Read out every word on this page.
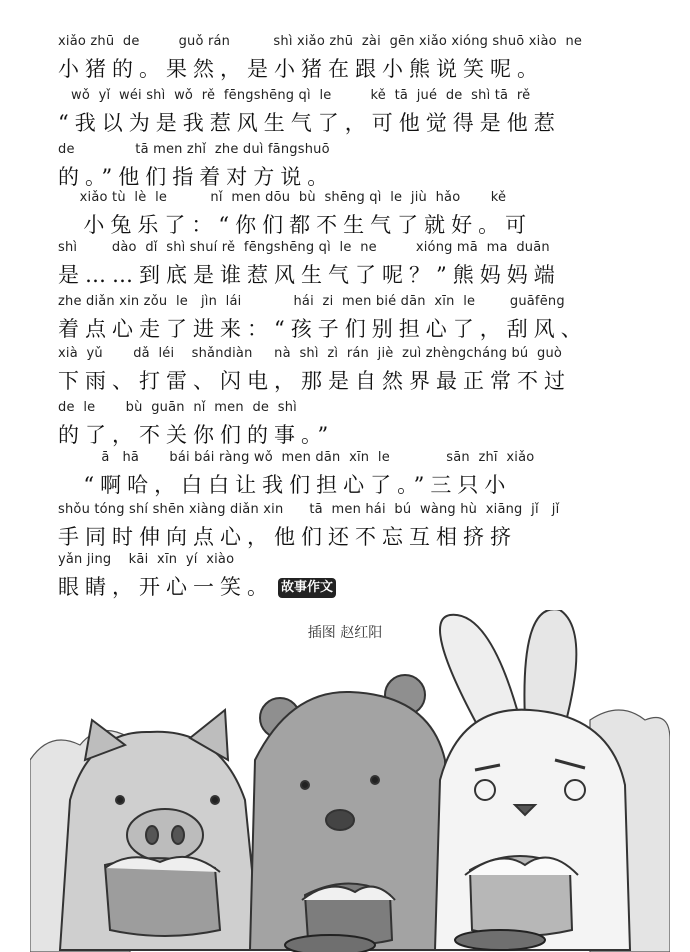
xiǎo zhū  de         guǒ rán          shì xiǎo zhū  zài  gēn xiǎo xióng shuō xiào  ne
小猪的。果然，是小猪在跟小熊说笑呢。
wǒ  yǐ  wéi shì  wǒ  rě  fēngshēng qì  le         kě  tā  jué  de  shì tā  rě
“我以为是我惹风生气了，可他觉得是他惹
de              tā men zhǐ  zhe duì fāngshuō
的。”他们指着对方说。
xiǎo tù  lè  le          nǐ  men dōu  bù  shēng qì  le  jiù  hǎo       kě
小兔乐了：“你们都不生气了就好。可
shì        dào  dǐ  shì shuí rě  fēngshēng qì  le  ne         xióng mā  ma  duān
是……到底是谁惹风生气了呢？”熊妈妈端
zhe diǎn xin zǒu  le   jìn  lái            hái  zi  men bié dān  xīn  le        guāfēng
着点心走了进来：“孩子们别担心了，刮风、
xià  yǔ       dǎ  léi    shǎndiàn     nà  shì  zì  rán  jiè  zuì zhèngcháng bú  guò
下雨、打雷、闪电，那是自然界最正常不过
de  le       bù  guān  nǐ  men  de  shì
的了，不关你们的事。”
ā   hā       bái bái ràng wǒ  men dān  xīn  le             sān  zhī  xiǎo
“啊哈，白白让我们担心了。”三只小
shǒu tóng shí shēn xiàng diǎn xin      tā  men hái  bú  wàng hù  xiāng  jǐ   jǐ
手同时伸向点心，他们还不忘互相挤挤
yǎn jing    kāi  xīn  yí  xiào
眼睛，开心一笑。 故事作文
插图 赵红阳
